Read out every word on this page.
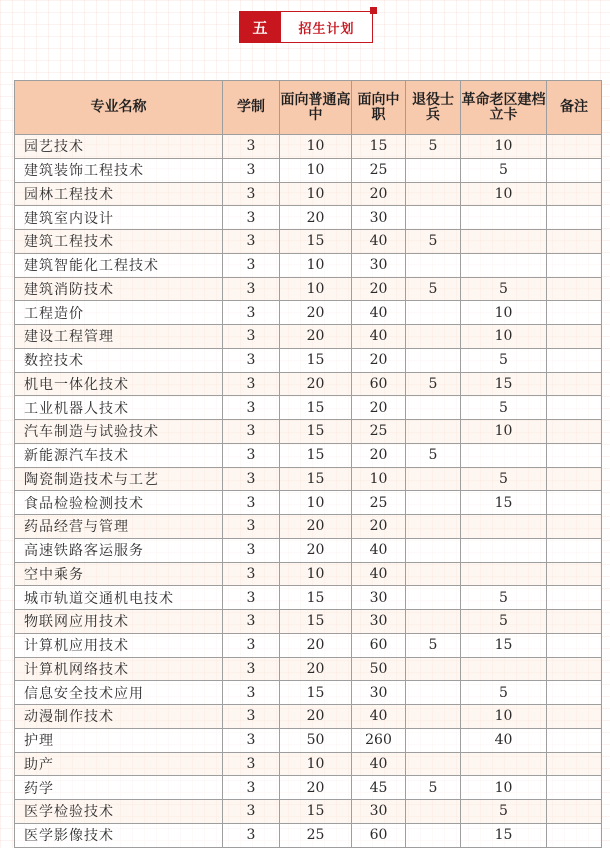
五	招生计划
专业名称	学制	面向普通高中	面向中职	退役士兵	革命老区建档立卡	备注
园艺技术	3	10	15	5	10	
建筑装饰工程技术	3	10	25		5	
园林工程技术	3	10	20		10	
建筑室内设计	3	20	30			
建筑工程技术	3	15	40	5		
建筑智能化工程技术	3	10	30			
建筑消防技术	3	10	20	5	5	
工程造价	3	20	40		10	
建设工程管理	3	20	40		10	
数控技术	3	15	20		5	
机电一体化技术	3	20	60	5	15	
工业机器人技术	3	15	20		5	
汽车制造与试验技术	3	15	25		10	
新能源汽车技术	3	15	20	5		
陶瓷制造技术与工艺	3	15	10		5	
食品检验检测技术	3	10	25		15	
药品经营与管理	3	20	20			
高速铁路客运服务	3	20	40			
空中乘务	3	10	40			
城市轨道交通机电技术	3	15	30		5	
物联网应用技术	3	15	30		5	
计算机应用技术	3	20	60	5	15	
计算机网络技术	3	20	50			
信息安全技术应用	3	15	30		5	
动漫制作技术	3	20	40		10	
护理	3	50	260		40	
助产	3	10	40			
药学	3	20	45	5	10	
医学检验技术	3	15	30		5	
医学影像技术	3	25	60		15	
